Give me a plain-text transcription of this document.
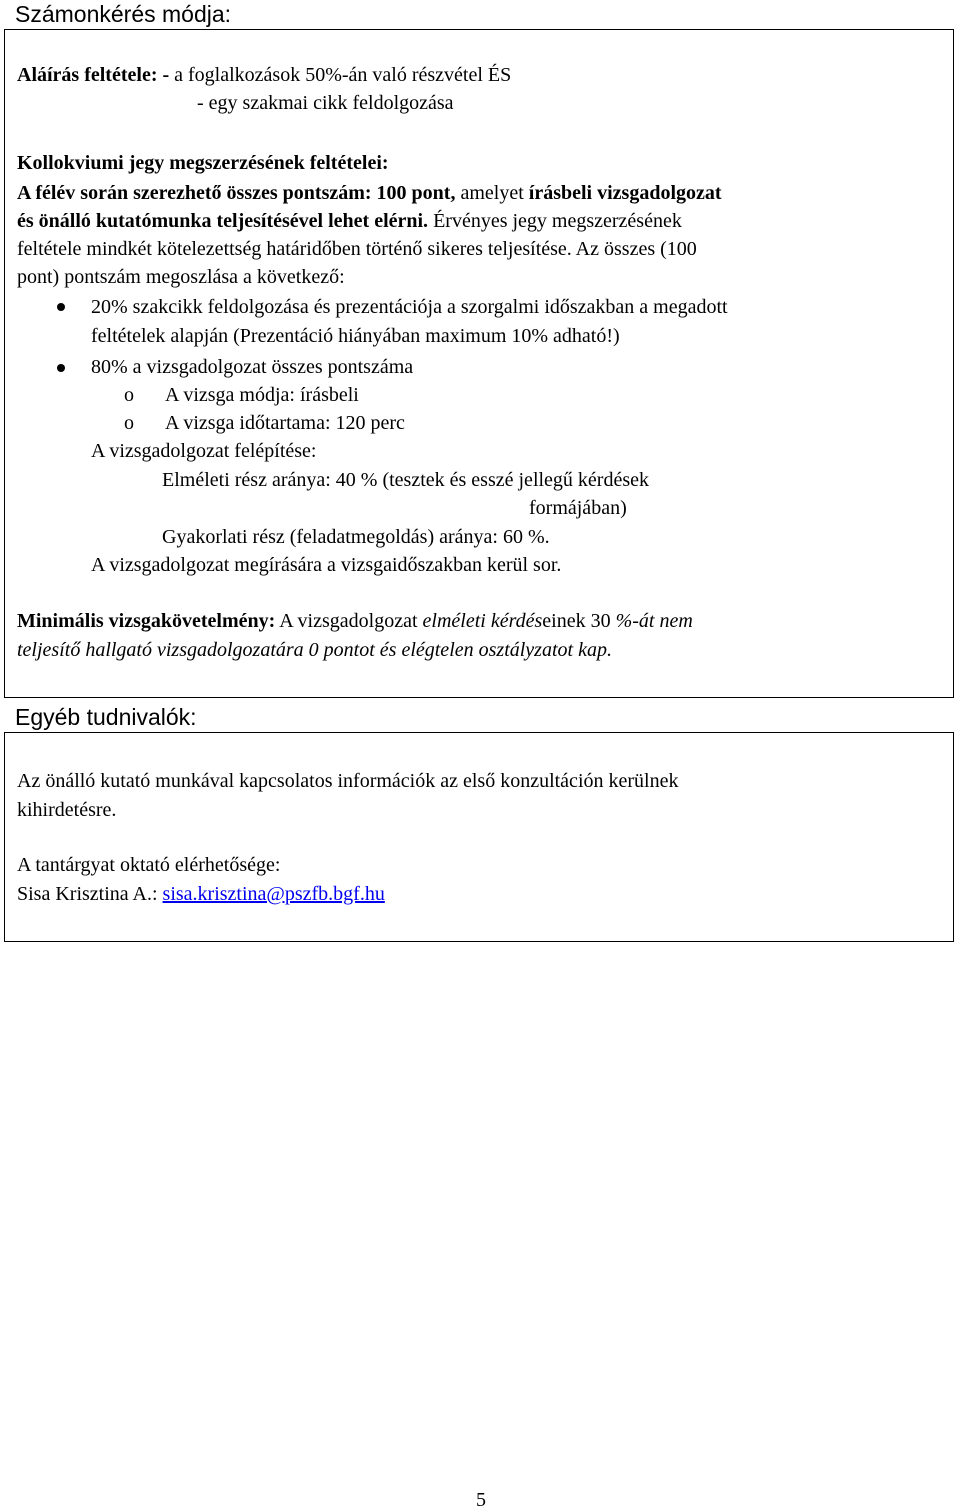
Számonkérés módja:
Aláírás feltétele: - a foglalkozások 50%-án való részvétel ÉS
- egy szakmai cikk feldolgozása
Kollokviumi jegy megszerzésének feltételei:
A félév során szerezhető összes pontszám: 100 pont, amelyet írásbeli vizsgadolgozat
és önálló kutatómunka teljesítésével lehet elérni. Érvényes jegy megszerzésének
feltétele mindkét kötelezettség határidőben történő sikeres teljesítése. Az összes (100
pont) pontszám megoszlása a következő:
20% szakcikk feldolgozása és prezentációja a szorgalmi időszakban a megadott
feltételek alapján (Prezentáció hiányában maximum 10% adható!)
80% a vizsgadolgozat összes pontszáma
o A vizsga módja: írásbeli
o A vizsga időtartama: 120 perc
A vizsgadolgozat felépítése:
Elméleti rész aránya: 40 % (tesztek és esszé jellegű kérdések
formájában)
Gyakorlati rész (feladatmegoldás) aránya: 60 %.
A vizsgadolgozat megírására a vizsgaidőszakban kerül sor.
Minimális vizsgakövetelmény: A vizsgadolgozat elméleti kérdéseinek 30 %-át nem
teljesítő hallgató vizsgadolgozatára 0 pontot és elégtelen osztályzatot kap.
Egyéb tudnivalók:
Az önálló kutató munkával kapcsolatos információk az első konzultáción kerülnek
kihirdetésre.
A tantárgyat oktató elérhetősége:
Sisa Krisztina A.: sisa.krisztina@pszfb.bgf.hu
5
